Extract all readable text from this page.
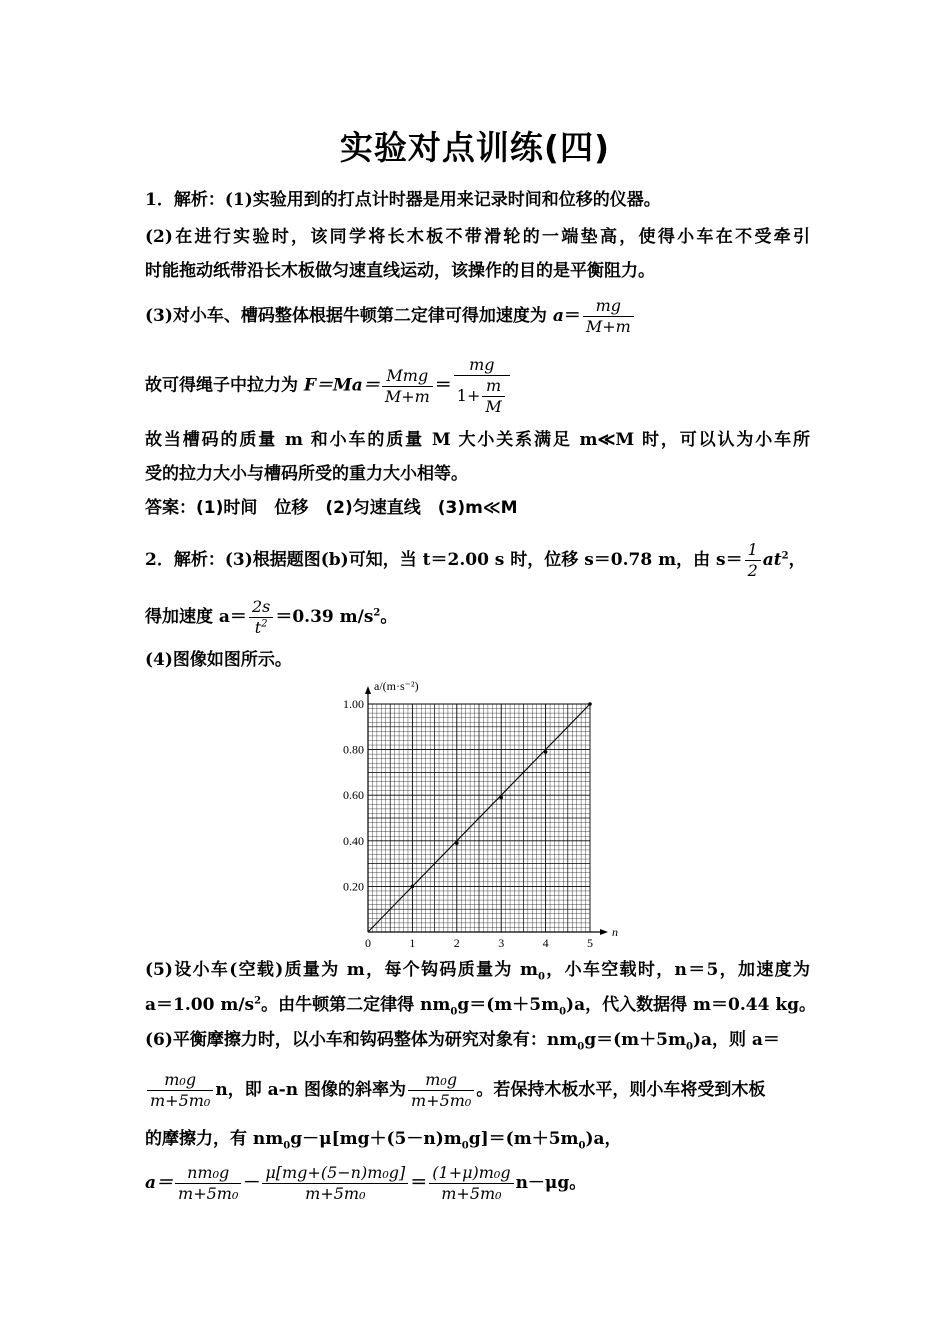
实验对点训练(四)
1．解析：(1)实验用到的打点计时器是用来记录时间和位移的仪器。
(2)在进行实验时，该同学将长木板不带滑轮的一端垫高，使得小车在不受牵引
时能拖动纸带沿长木板做匀速直线运动，该操作的目的是平衡阻力。
(3)对小车、槽码整体根据牛顿第二定律可得加速度为 $a= \frac{mg}{M+m}$
故可得绳子中拉力为 $F=Ma= \frac{\text{Mmg}}{M+m} = \frac{mg}{1+ \frac{m}{M}}$
故当槽码的质量 m 和小车的质量 M 大小关系满足 m≪M 时，可以认为小车所
受的拉力大小与槽码所受的重力大小相等。
答案：(1)时间　位移　(2)匀速直线　(3)m≪M
2．解析：(3)根据题图(b)可知，当 t＝2.00 s 时，位移 s＝0.78 m，由 $s= \frac{1}{2} at^2$，
得加速度 $a= \frac{2s}{t^2} =0.39$ $m/s^2$。
(4)图像如图所示。
0	1	2	3	4	5
0.20
0.40
0.60
0.80
1.00
n
a/(m·s⁻²)
(5)设小车(空载)质量为 m，每个钩码质量为 $m_0$，小车空载时，n＝5，加速度为
a＝1.00 $m/s^2$。由牛顿第二定律得 $nm_0g=(m+5m_0)a$，代入数据得 m＝0.44 kg。
(6)平衡摩擦力时，以小车和钩码整体为研究对象有：$nm_0g=(m+5m_0)a$，则 a＝
$\frac{\text{m₀g}}{\text{m+5m₀}}$ n，即 a-n 图像的斜率为 $\frac{\text{m₀g}}{\text{m+5m₀}}$ 。若保持木板水平，则小车将受到木板
的摩擦力，有 $nm_0g-\mu[mg+(5-n)m_0g]=(m+5m_0)a$，
$a= \frac{\text{nm₀g}}{\text{m+5m₀}} - \frac{\text{μ[mg+(5−n)m₀g]}}{\text{m+5m₀}} = \frac{\text{(1+μ)m₀g}}{\text{m+5m₀}} n-\mu g$。
